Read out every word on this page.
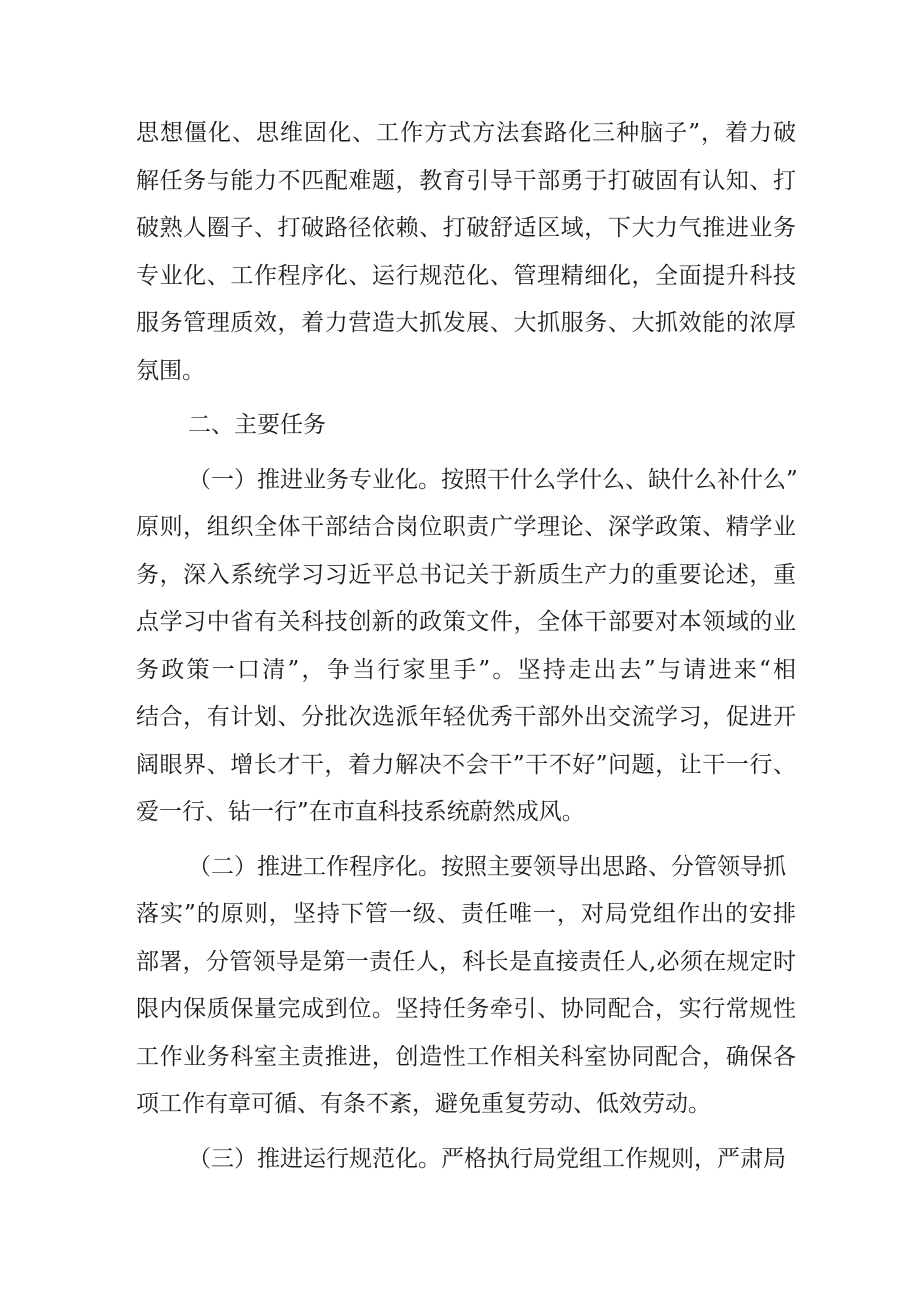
思想僵化、思维固化、工作方式方法套路化三种脑子”，着力破
解任务与能力不匹配难题，教育引导干部勇于打破固有认知、打
破熟人圈子、打破路径依赖、打破舒适区域，下大力气推进业务
专业化、工作程序化、运行规范化、管理精细化，全面提升科技
服务管理质效，着力营造大抓发展、大抓服务、大抓效能的浓厚
氛围。
二、主要任务
（一）推进业务专业化。按照干什么学什么、缺什么补什么”
原则，组织全体干部结合岗位职责广学理论、深学政策、精学业
务，深入系统学习习近平总书记关于新质生产力的重要论述，重
点学习中省有关科技创新的政策文件，全体干部要对本领域的业
务政策一口清”，争当行家里手”。坚持走出去”与请进来“相
结合，有计划、分批次选派年轻优秀干部外出交流学习，促进开
阔眼界、增长才干，着力解决不会干”干不好”问题，让干一行、
爱一行、钻一行”在市直科技系统蔚然成风。
（二）推进工作程序化。按照主要领导出思路、分管领导抓
落实”的原则，坚持下管一级、责任唯一，对局党组作出的安排
部署，分管领导是第一责任人，科长是直接责任人,必须在规定时
限内保质保量完成到位。坚持任务牵引、协同配合，实行常规性
工作业务科室主责推进，创造性工作相关科室协同配合，确保各
项工作有章可循、有条不紊，避免重复劳动、低效劳动。
（三）推进运行规范化。严格执行局党组工作规则，严肃局
